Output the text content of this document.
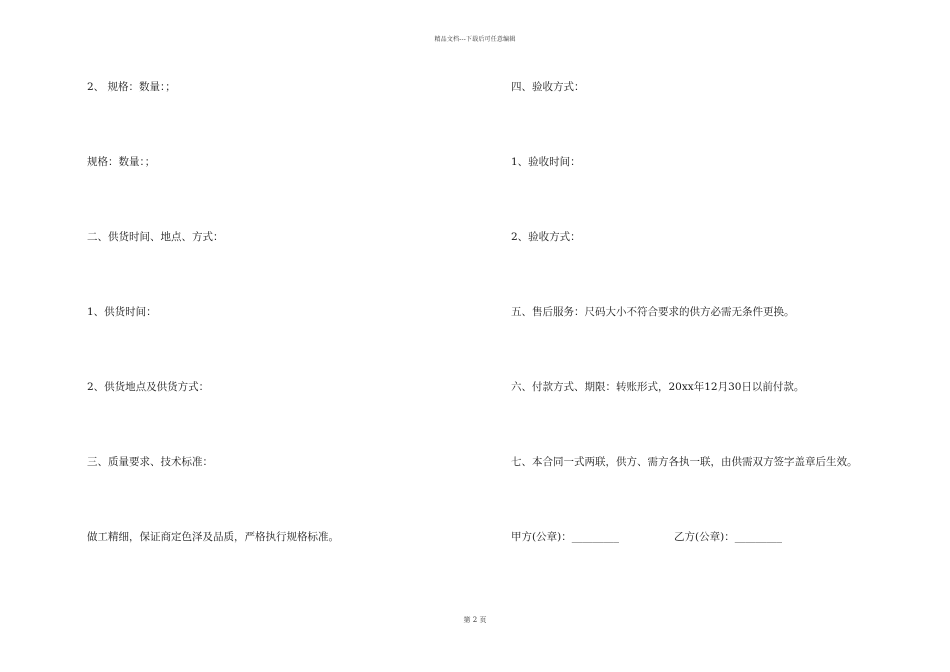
精品文档---下载后可任意编辑
2、 规格：数量：；
规格：数量：；
二、供货时间、地点、方式：
1、供货时间：
2、供货地点及供货方式：
三、质量要求、技术标准：
做工精细，保证商定色泽及品质，严格执行规格标准。
四、验收方式：
1、验收时间：
2、验收方式：
五、售后服务：尺码大小不符合要求的供方必需无条件更换。
六、付款方式、期限：转账形式，20xx年12月30日以前付款。
七、本合同一式两联，供方、需方各执一联，由供需双方签字盖章后生效。
甲方(公章)：_________	乙方(公章)：_________
第 2 页
